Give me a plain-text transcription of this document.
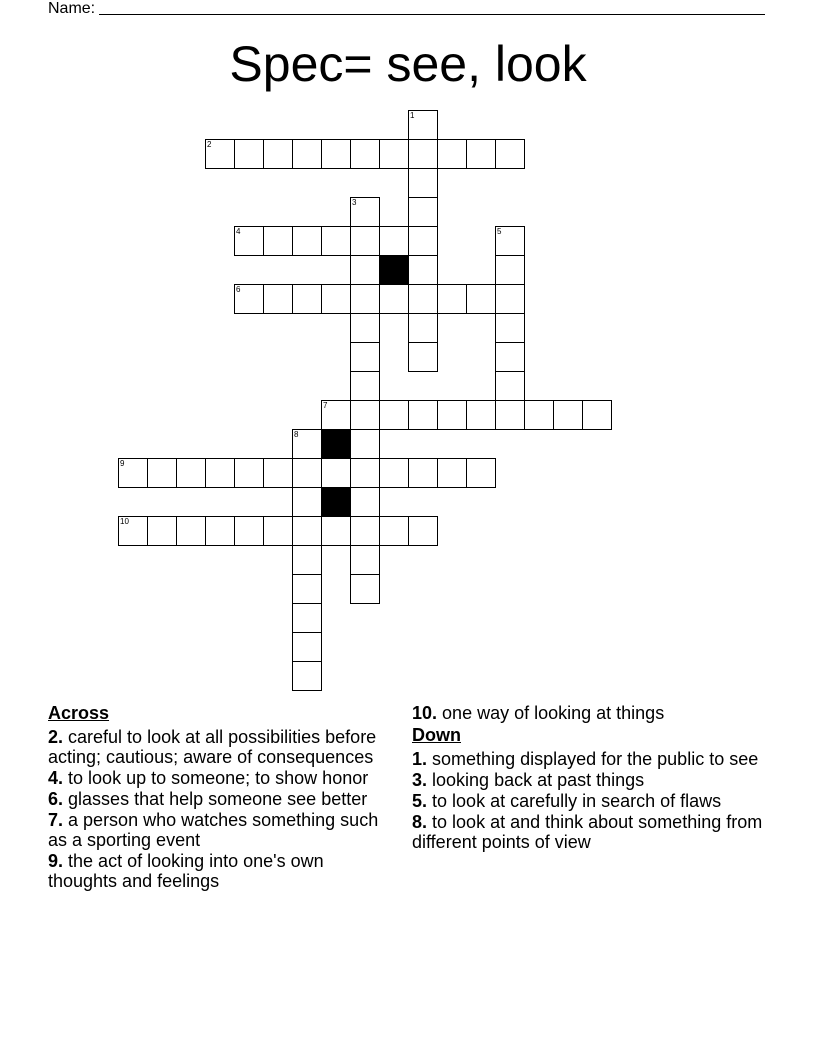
Name:
Spec= see, look
2
4
6
7
9
10
1
3
5
8
Across
2. careful to look at all possibilities before acting; cautious; aware of consequences
4. to look up to someone; to show honor
6. glasses that help someone see better
7. a person who watches something such as a sporting event
9. the act of looking into one's own thoughts and feelings
10. one way of looking at things
Down
1. something displayed for the public to see
3. looking back at past things
5. to look at carefully in search of flaws
8. to look at and think about something from different points of view
